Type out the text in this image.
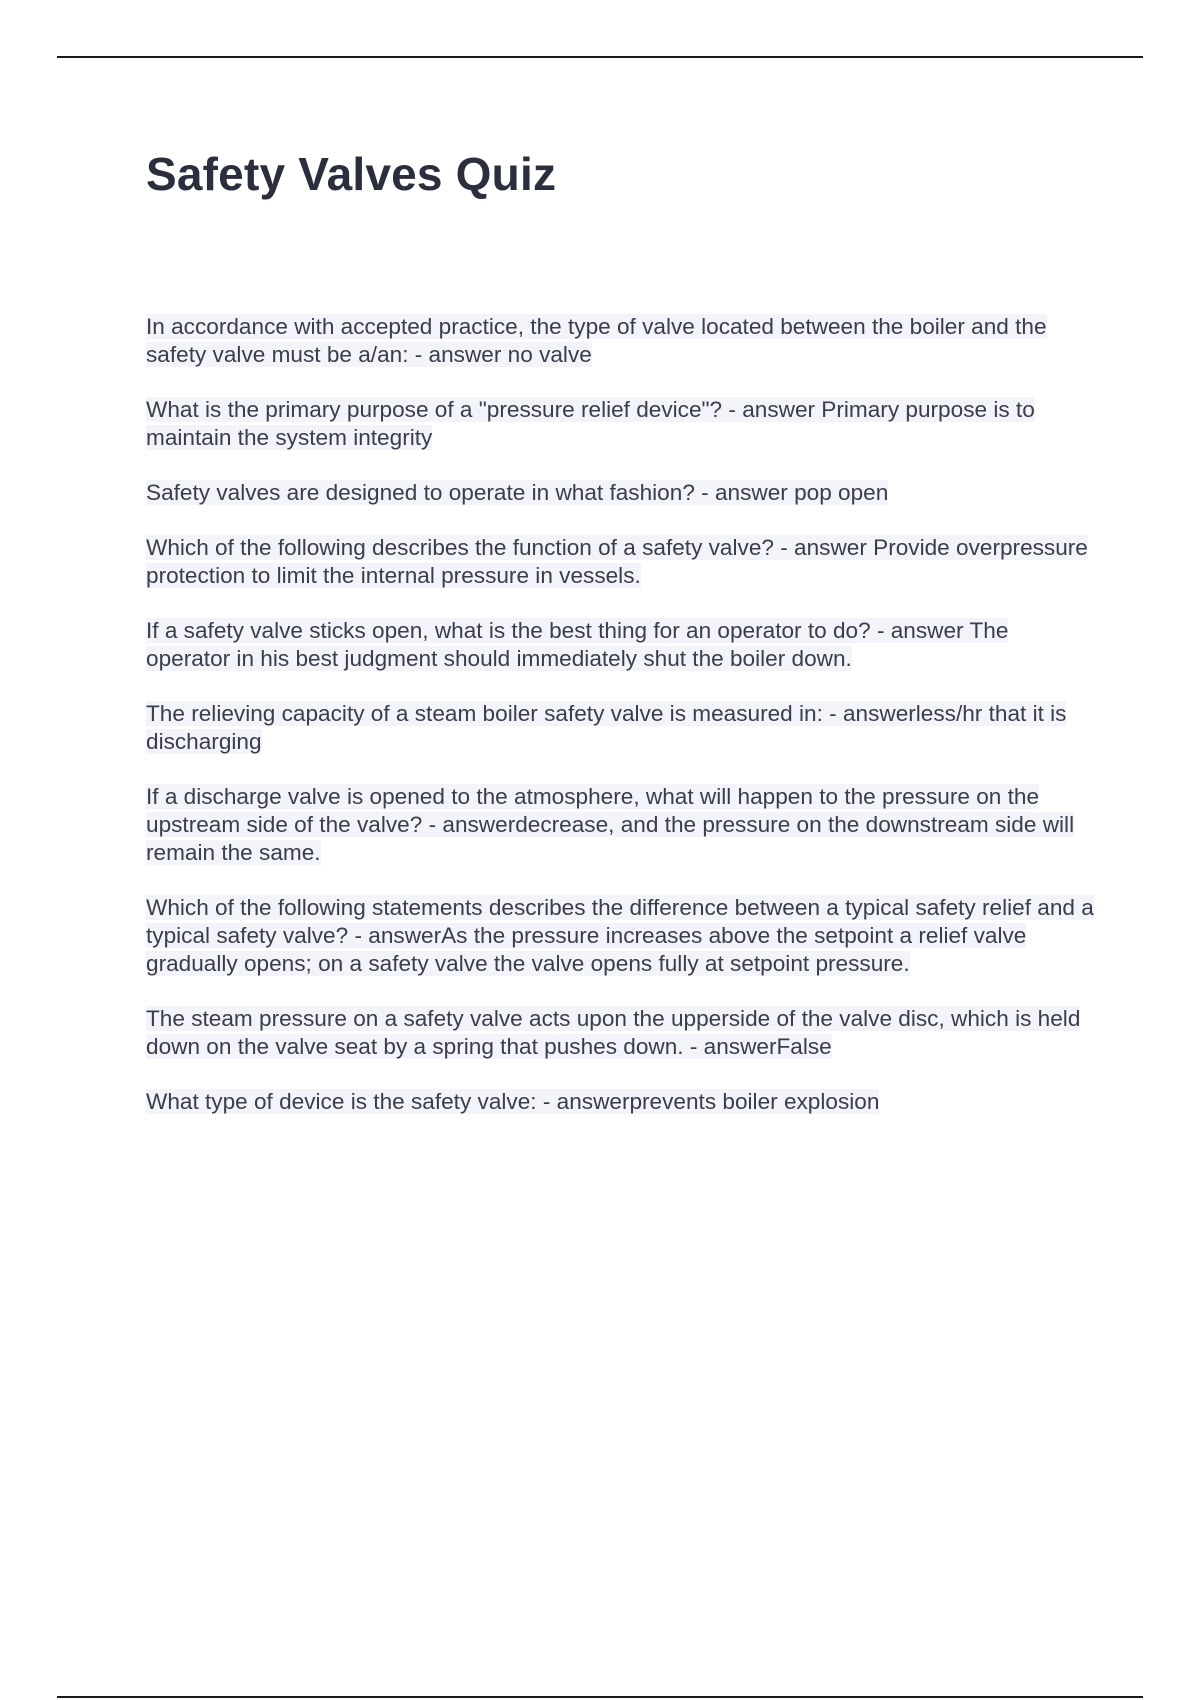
Safety Valves Quiz
In accordance with accepted practice, the type of valve located between the boiler and the safety valve must be a/an: - answer no valve
What is the primary purpose of a "pressure relief device"? - answer Primary purpose is to maintain the system integrity
Safety valves are designed to operate in what fashion? - answer pop open
Which of the following describes the function of a safety valve? - answer Provide overpressure protection to limit the internal pressure in vessels.
If a safety valve sticks open, what is the best thing for an operator to do? - answer The operator in his best judgment should immediately shut the boiler down.
The relieving capacity of a steam boiler safety valve is measured in: - answerless/hr that it is discharging
If a discharge valve is opened to the atmosphere, what will happen to the pressure on the upstream side of the valve? - answerdecrease, and the pressure on the downstream side will remain the same.
Which of the following statements describes the difference between a typical safety relief and a typical safety valve? - answerAs the pressure increases above the setpoint a relief valve gradually opens; on a safety valve the valve opens fully at setpoint pressure.
The steam pressure on a safety valve acts upon the upperside of the valve disc, which is held down on the valve seat by a spring that pushes down. - answerFalse
What type of device is the safety valve: - answerprevents boiler explosion
